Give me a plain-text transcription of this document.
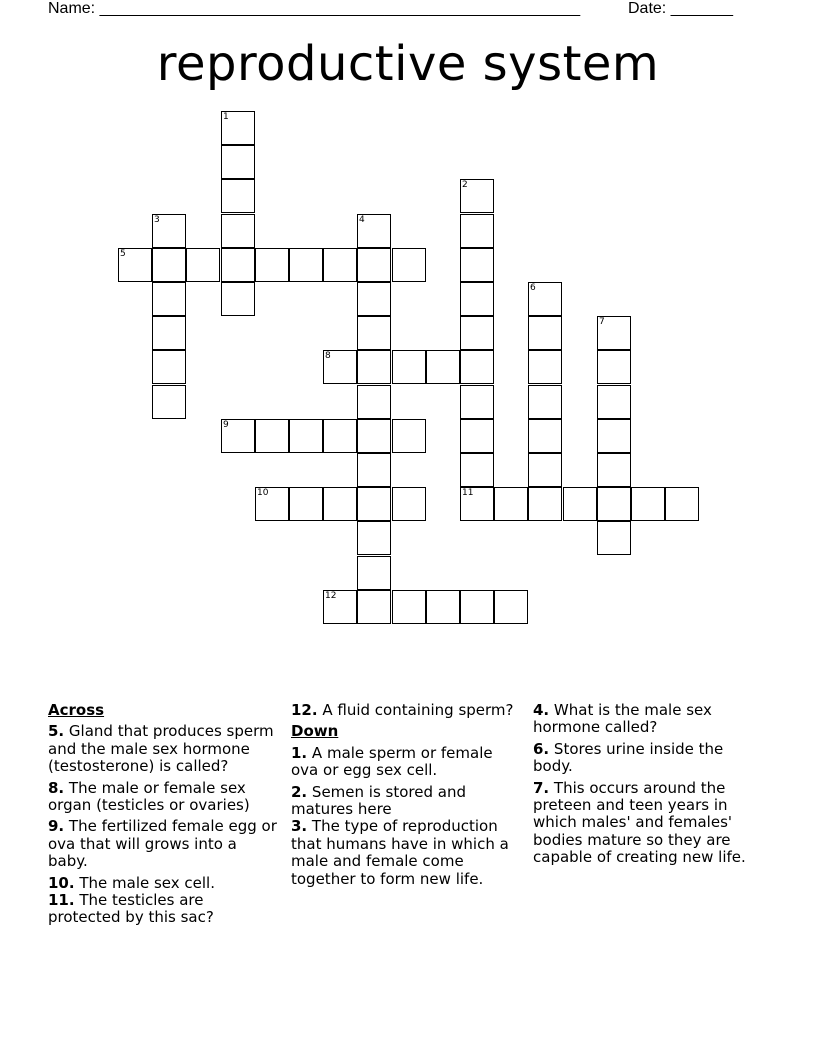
Name: ______________________________________________________	Date: _______
reproductive system
1
2
3	4
5
6
7
8
9
10	11
12
Across
5. Gland that produces sperm and the male sex hormone (testosterone) is called?
8. The male or female sex organ (testicles or ovaries)
9. The fertilized female egg or ova that will grows into a baby.
10. The male sex cell.
11. The testicles are protected by this sac?
12. A fluid containing sperm?
Down
1. A male sperm or female ova or egg sex cell.
2. Semen is stored and matures here
3. The type of reproduction that humans have in which a male and female come together to form new life.
4. What is the male sex hormone called?
6. Stores urine inside the body.
7. This occurs around the preteen and teen years in which males' and females' bodies mature so they are capable of creating new life.
